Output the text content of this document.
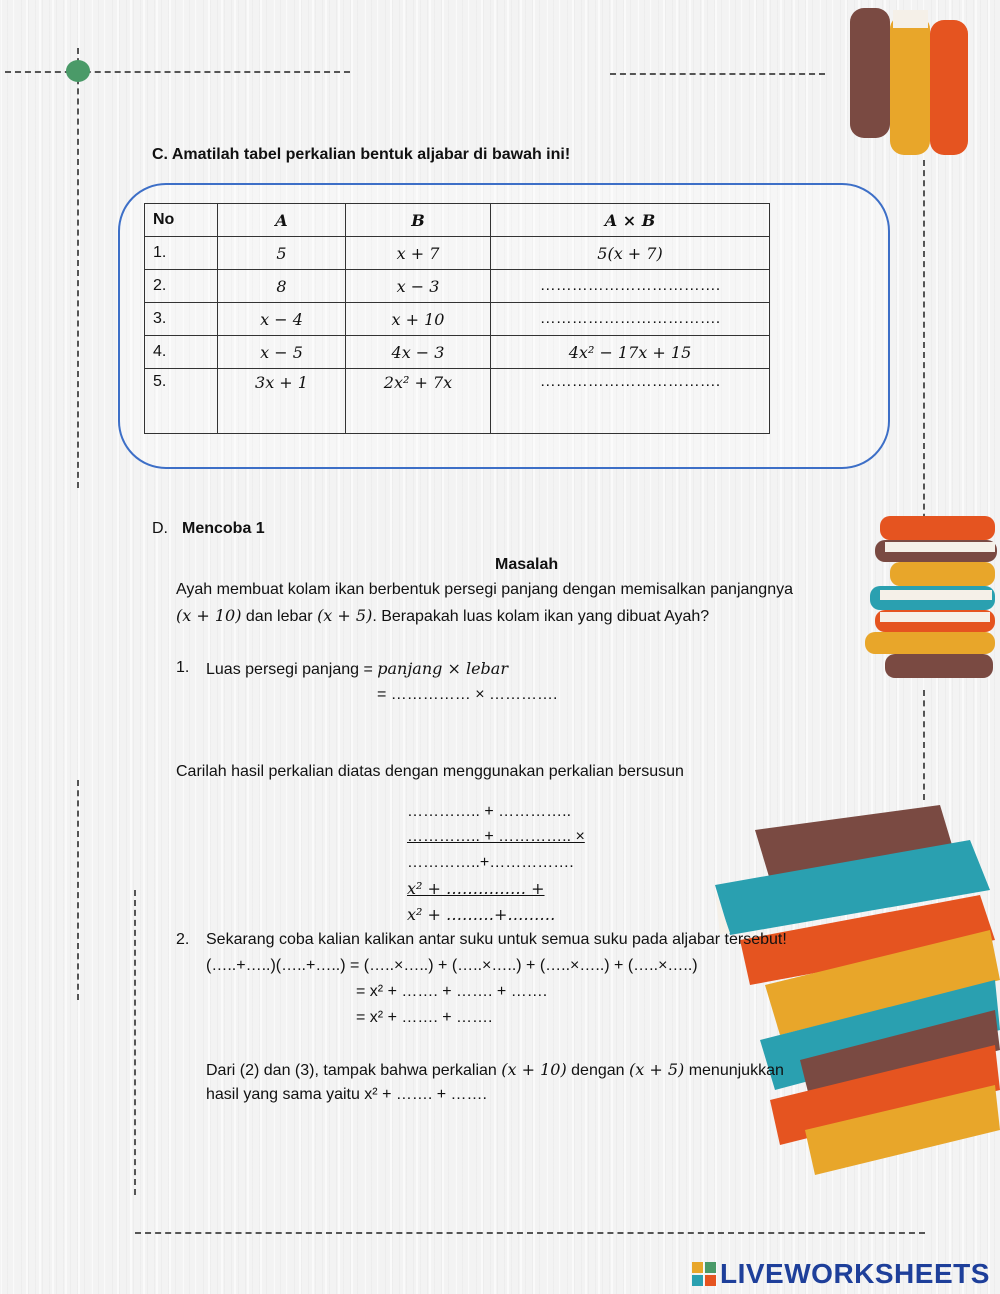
C. Amatilah tabel perkalian bentuk aljabar di bawah ini!
No	A	B	A × B
1.	5	x + 7	5(x + 7)
2.	8	x − 3	…………………………….
3.	x − 4	x + 10	…………………………….
4.	x − 5	4x − 3	4x² − 17x + 15
5.	3x + 1	2x² + 7x	…………………………….
D. Mencoba 1
Masalah
Ayah membuat kolam ikan berbentuk persegi panjang dengan memisalkan panjangnya
(x + 10) dan lebar (x + 5). Berapakah luas kolam ikan yang dibuat Ayah?
1. Luas persegi panjang = panjang × lebar
= …………… × ………….
Carilah hasil perkalian diatas dengan menggunakan perkalian bersusun
………….. + …………..
………….. + ………….. ×
…………..+…………….
x² + …………… +
x² + ………+………
2. Sekarang coba kalian kalikan antar suku untuk semua suku pada aljabar tersebut!
(…..+…..)(…..+…..) = (…..×…..) + (…..×…..) + (…..×…..) + (…..×…..)
= x² + ……. + ……. + …….
= x² + ……. + …….
Dari (2) dan (3), tampak bahwa perkalian (x + 10) dengan (x + 5) menunjukkan
hasil yang sama yaitu x² + ……. + …….
LIVEWORKSHEETS
